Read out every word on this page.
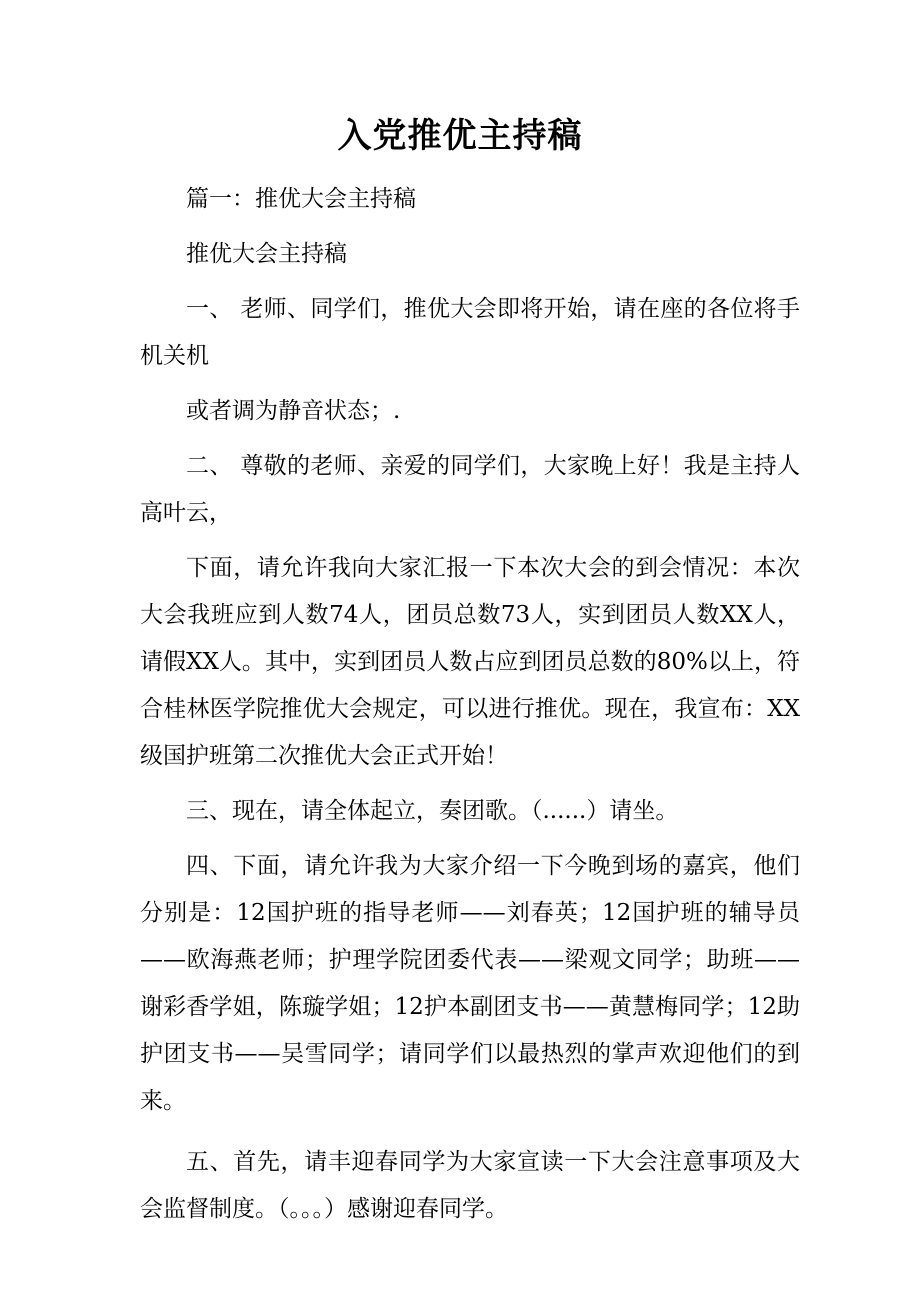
入党推优主持稿

篇一：推优大会主持稿

推优大会主持稿

一、 老师、同学们，推优大会即将开始，请在座的各位将手机关机

或者调为静音状态；.

二、 尊敬的老师、亲爱的同学们，大家晚上好！我是主持人高叶云，

下面，请允许我向大家汇报一下本次大会的到会情况：本次大会我班应到人数74人，团员总数73人，实到团员人数XX人，请假XX人。其中，实到团员人数占应到团员总数的80%以上，符合桂林医学院推优大会规定，可以进行推优。现在，我宣布：XX级国护班第二次推优大会正式开始！

三、现在，请全体起立，奏团歌。（......）请坐。

四、下面，请允许我为大家介绍一下今晚到场的嘉宾，他们分别是：12国护班的指导老师——刘春英；12国护班的辅导员——欧海燕老师；护理学院团委代表——梁观文同学；助班——谢彩香学姐，陈璇学姐；12护本副团支书——黄慧梅同学；12助护团支书——吴雪同学；请同学们以最热烈的掌声欢迎他们的到来。

五、首先，请丰迎春同学为大家宣读一下大会注意事项及大会监督制度。（。。。）感谢迎春同学。
